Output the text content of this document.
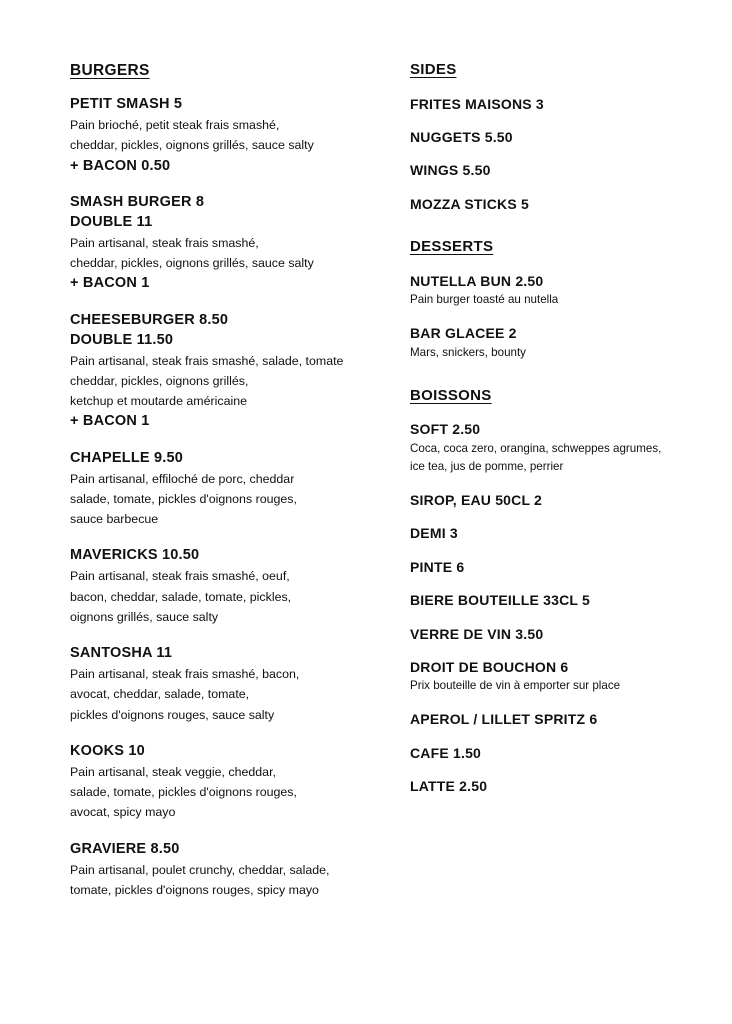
BURGERS

PETIT SMASH 5

Pain brioché, petit steak frais smashé,
cheddar, pickles, oignons grillés, sauce salty

+ BACON 0.50

SMASH BURGER 8

DOUBLE 11

Pain artisanal, steak frais smashé,
cheddar, pickles, oignons grillés, sauce salty

+ BACON 1

CHEESEBURGER 8.50

DOUBLE 11.50

Pain artisanal, steak frais smashé, salade, tomate
cheddar, pickles, oignons grillés,
ketchup et moutarde américaine

+ BACON 1

CHAPELLE 9.50

Pain artisanal, effiloché de porc, cheddar
salade, tomate, pickles d'oignons rouges,
sauce barbecue

MAVERICKS 10.50

Pain artisanal, steak frais smashé, oeuf,
bacon, cheddar, salade, tomate, pickles,
oignons grillés, sauce salty

SANTOSHA 11

Pain artisanal, steak frais smashé, bacon,
avocat, cheddar, salade, tomate,
pickles d'oignons rouges, sauce salty

KOOKS 10

Pain artisanal, steak veggie, cheddar,
salade, tomate, pickles d'oignons rouges,
avocat, spicy mayo

GRAVIERE 8.50

Pain artisanal, poulet crunchy, cheddar, salade,
tomate, pickles d'oignons rouges, spicy mayo

SIDES

FRITES MAISONS 3

NUGGETS 5.50

WINGS 5.50

MOZZA STICKS 5

DESSERTS

NUTELLA BUN 2.50

Pain burger toasté au nutella

BAR GLACEE 2

Mars, snickers, bounty

BOISSONS

SOFT 2.50

Coca, coca zero, orangina, schweppes agrumes,
ice tea, jus de pomme, perrier

SIROP, EAU 50CL 2

DEMI 3

PINTE 6

BIERE BOUTEILLE 33CL 5

VERRE DE VIN 3.50

DROIT DE BOUCHON 6

Prix bouteille de vin à emporter sur place

APEROL / LILLET SPRITZ 6

CAFE 1.50

LATTE 2.50
